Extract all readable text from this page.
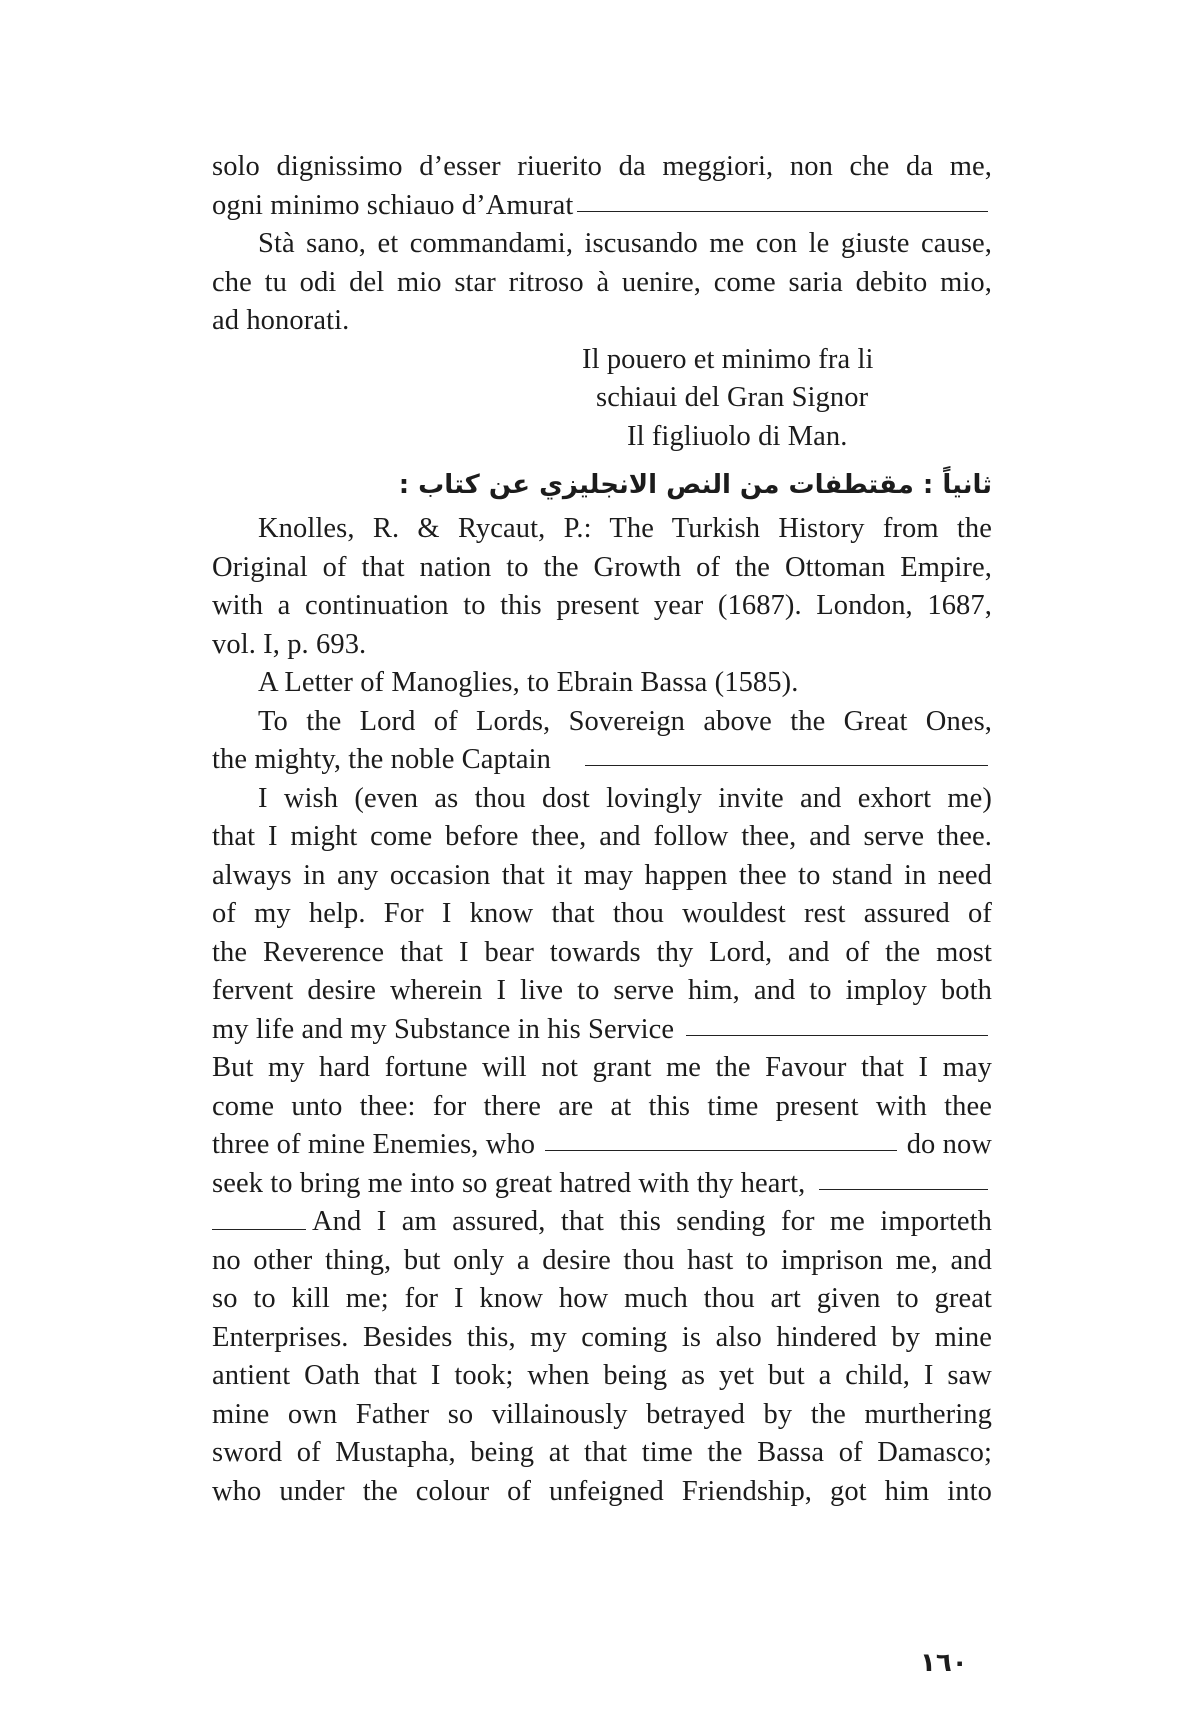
solo dignissimo d’esser riuerito da meggiori, non che da me,
ogni minimo schiauo d’Amurat
Stà sano, et commandami, iscusando me con le giuste cause,
che tu odi del mio star ritroso à uenire, come saria debito mio,
ad honorati.
Il pouero et minimo fra li
schiaui del Gran Signor
Il figliuolo di Man.
ثانياً : مقتطفات من النص الانجليزي عن كتاب :
Knolles, R. & Rycaut, P.: The Turkish History from the
Original of that nation to the Growth of the Ottoman Empire,
with a continuation to this present year (1687). London, 1687,
vol. I, p. 693.
A Letter of Manoglies, to Ebrain Bassa (1585).
To the Lord of Lords, Sovereign above the Great Ones,
the mighty, the noble Captain
I wish (even as thou dost lovingly invite and exhort me)
that I might come before thee, and follow thee, and serve thee.
always in any occasion that it may happen thee to stand in need
of my help. For I know that thou wouldest rest assured of
the Reverence that I bear towards thy Lord, and of the most
fervent desire wherein I live to serve him, and to imploy both
my life and my Substance in his Service
But my hard fortune will not grant me the Favour that I may
come unto thee: for there are at this time present with thee
three of mine Enemies, who	do now
seek to bring me into so great hatred with thy heart,
And I am assured, that this sending for me importeth
no other thing, but only a desire thou hast to imprison me, and
so to kill me; for I know how much thou art given to great
Enterprises. Besides this, my coming is also hindered by mine
antient Oath that I took; when being as yet but a child, I saw
mine own Father so villainously betrayed by the murthering
sword of Mustapha, being at that time the Bassa of Damasco;
who under the colour of unfeigned Friendship, got him into
١٦٠
